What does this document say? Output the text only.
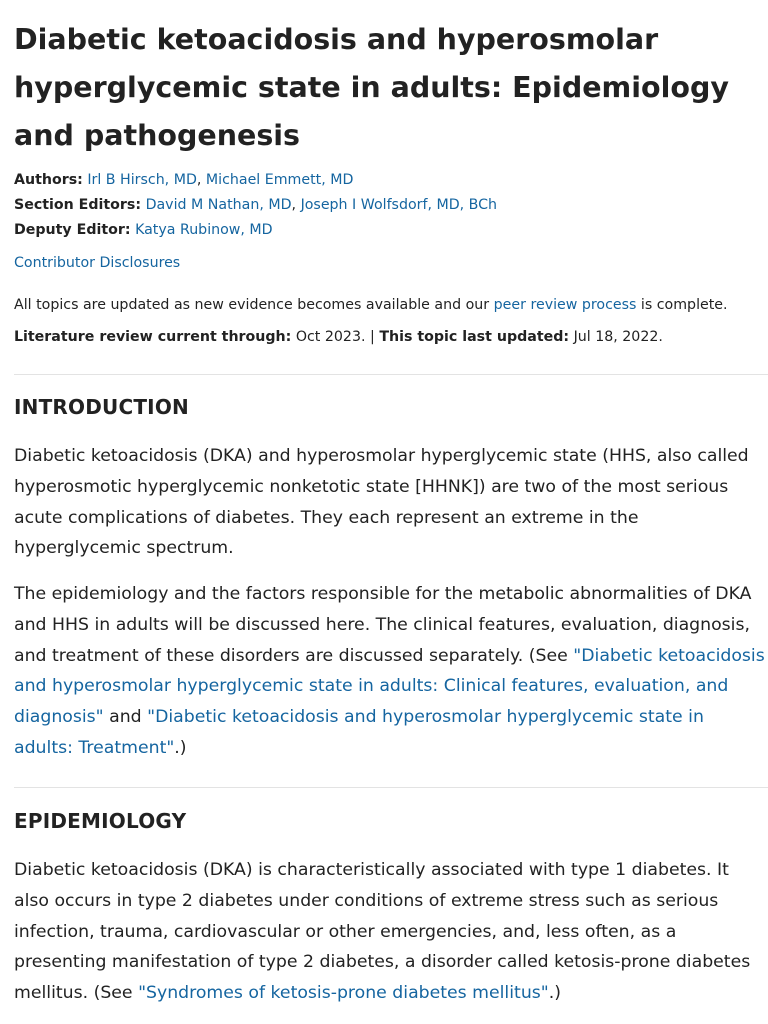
Diabetic ketoacidosis and hyperosmolar hyperglycemic state in adults: Epidemiology and pathogenesis
Authors: Irl B Hirsch, MD, Michael Emmett, MD
Section Editors: David M Nathan, MD, Joseph I Wolfsdorf, MD, BCh
Deputy Editor: Katya Rubinow, MD
Contributor Disclosures
All topics are updated as new evidence becomes available and our peer review process is complete.
Literature review current through: Oct 2023. | This topic last updated: Jul 18, 2022.
INTRODUCTION

Diabetic ketoacidosis (DKA) and hyperosmolar hyperglycemic state (HHS, also called hyperosmotic hyperglycemic nonketotic state [HHNK]) are two of the most serious acute complications of diabetes. They each represent an extreme in the hyperglycemic spectrum.

The epidemiology and the factors responsible for the metabolic abnormalities of DKA and HHS in adults will be discussed here. The clinical features, evaluation, diagnosis, and treatment of these disorders are discussed separately. (See "Diabetic ketoacidosis and hyperosmolar hyperglycemic state in adults: Clinical features, evaluation, and diagnosis" and "Diabetic ketoacidosis and hyperosmolar hyperglycemic state in adults: Treatment".)

EPIDEMIOLOGY

Diabetic ketoacidosis (DKA) is characteristically associated with type 1 diabetes. It also occurs in type 2 diabetes under conditions of extreme stress such as serious infection, trauma, cardiovascular or other emergencies, and, less often, as a presenting manifestation of type 2 diabetes, a disorder called ketosis-prone diabetes mellitus. (See "Syndromes of ketosis-prone diabetes mellitus".)
